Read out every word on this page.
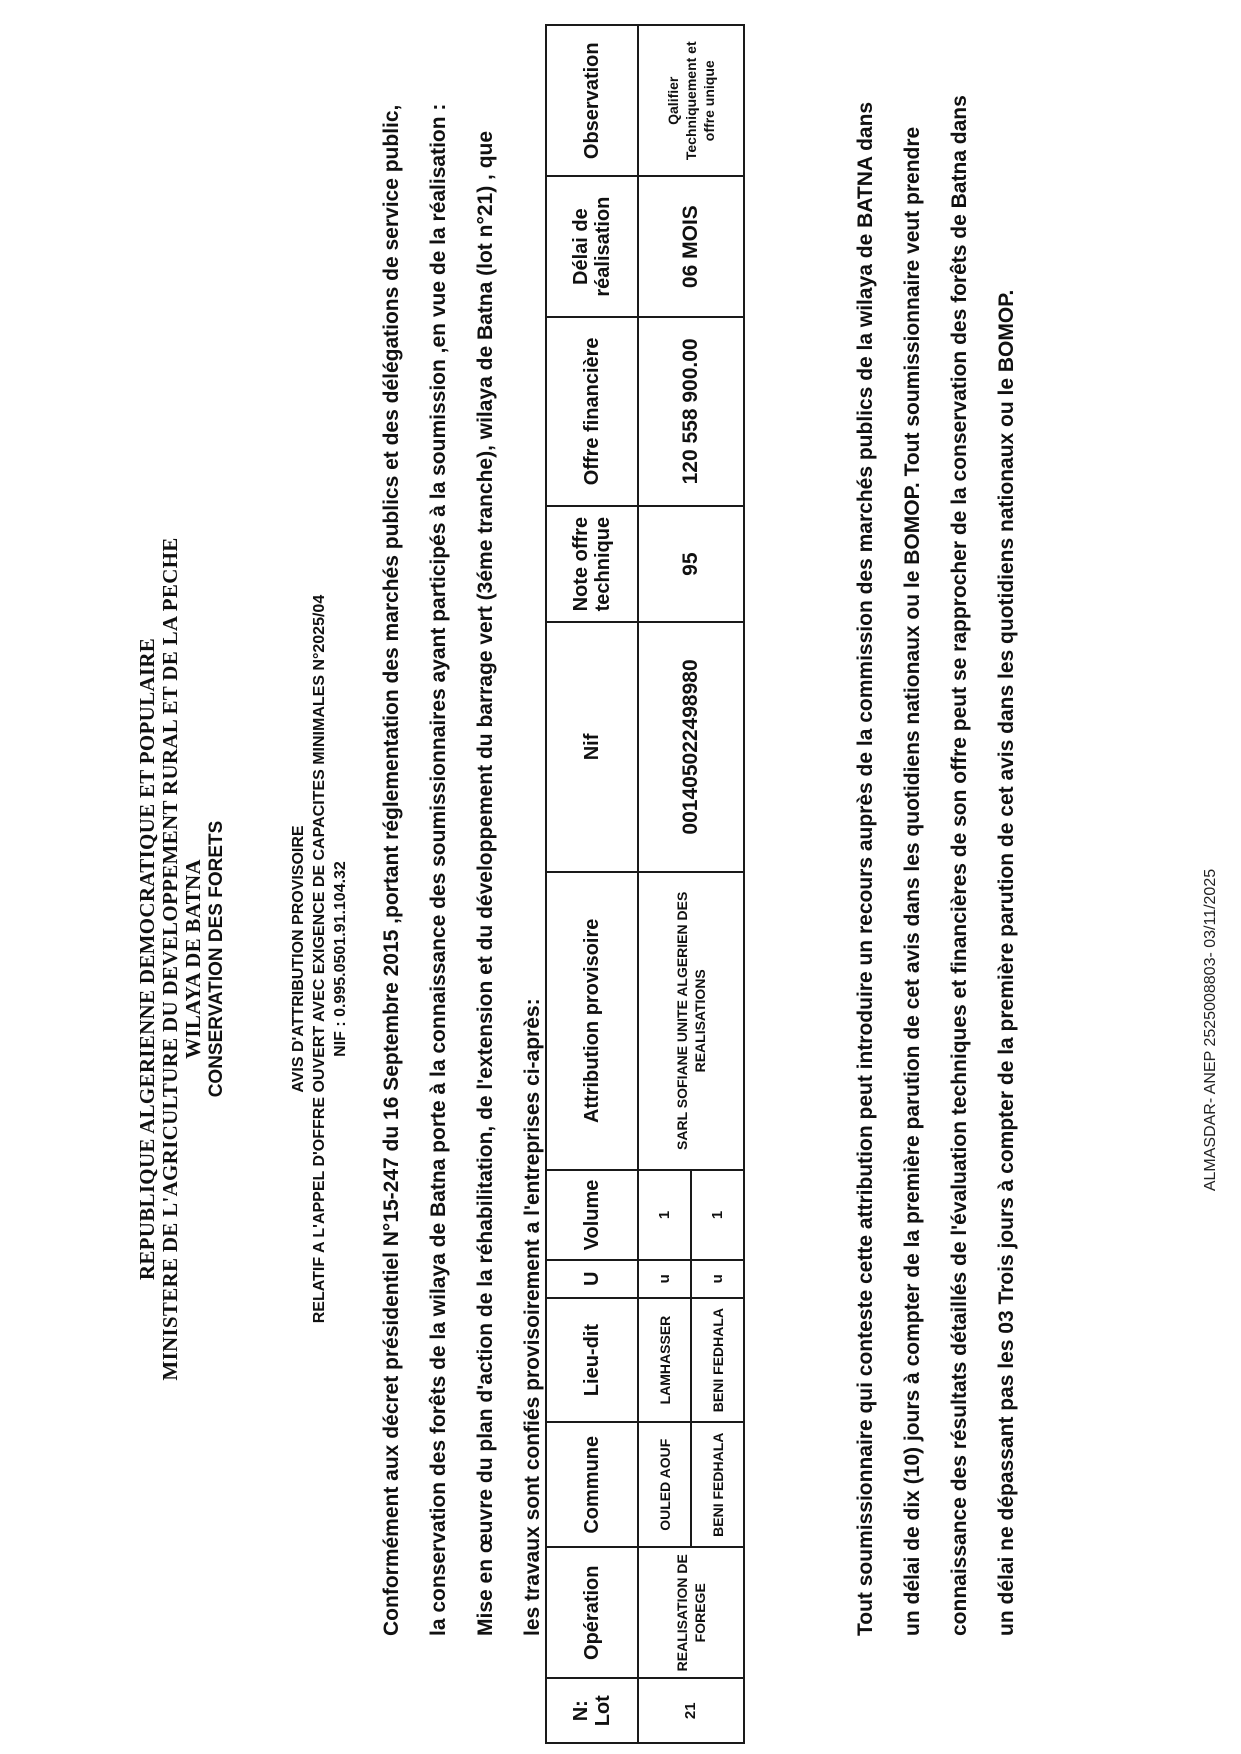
REPUBLIQUE ALGERIENNE DEMOCRATIQUE ET POPULAIRE MINISTERE DE L'AGRICULTURE DU DEVELOPPEMENT RURAL ET DE LA PECHE WILAYA DE BATNA CONSERVATION DES FORETS	AVIS D'ATTRIBUTION PROVISOIRE RELATIF A L'APPEL D'OFFRE OUVERT AVEC EXIGENCE DE CAPACITES MINIMALES N°2025/04 NIF : 0.995.0501.91.104.32	Conformément aux décret présidentiel N°15-247 du 16 Septembre 2015 ,portant réglementation des marchés publics et des délégations de service public,	la conservation des forêts de la wilaya de Batna porte à la connaissance des soumissionnaires ayant participés à la soumission ,en vue de la réalisation :	Mise en œuvre du plan d'action de la réhabilitation, de l'extension et du développement du barrage vert (3éme tranche), wilaya de Batna (lot n°21) , que	les travaux sont confiés provisoirement a l'entreprises ci-après:
N:
Lot	Opération	Commune	Lieu-dit	U	Volume	Attribution provisoire	Nif	Note offre technique	Offre financière	Délai de réalisation	Observation
21	REALISATION DE FOREGE	OULED AOUF	LAMHASSER	u	1	SARL SOFIANE UNITE ALGERIEN DES REALISATIONS	001405022498980	95	120 558 900.00	06 MOIS	Qalifier Techniquement et offre unique
		BENI FEDHALA	BENI FEDHALA	u	1							Tout soumissionnaire qui conteste cette attribution peut introduire un recours auprès de la commission des marchés publics de la wilaya de BATNA dans	un délai de dix (10) jours à compter de la première parution de cet avis dans les quotidiens nationaux ou le BOMOP. Tout soumissionnaire veut prendre	connaissance des résultats détaillés de l'évaluation techniques et financières de son offre peut se rapprocher de la conservation des forêts de Batna dans	un délai ne dépassant pas les 03 Trois jours à compter de la première parution de cet avis dans les quotidiens nationaux ou le BOMOP.	ALMASDAR- ANEP 2525008803- 03/11/2025
